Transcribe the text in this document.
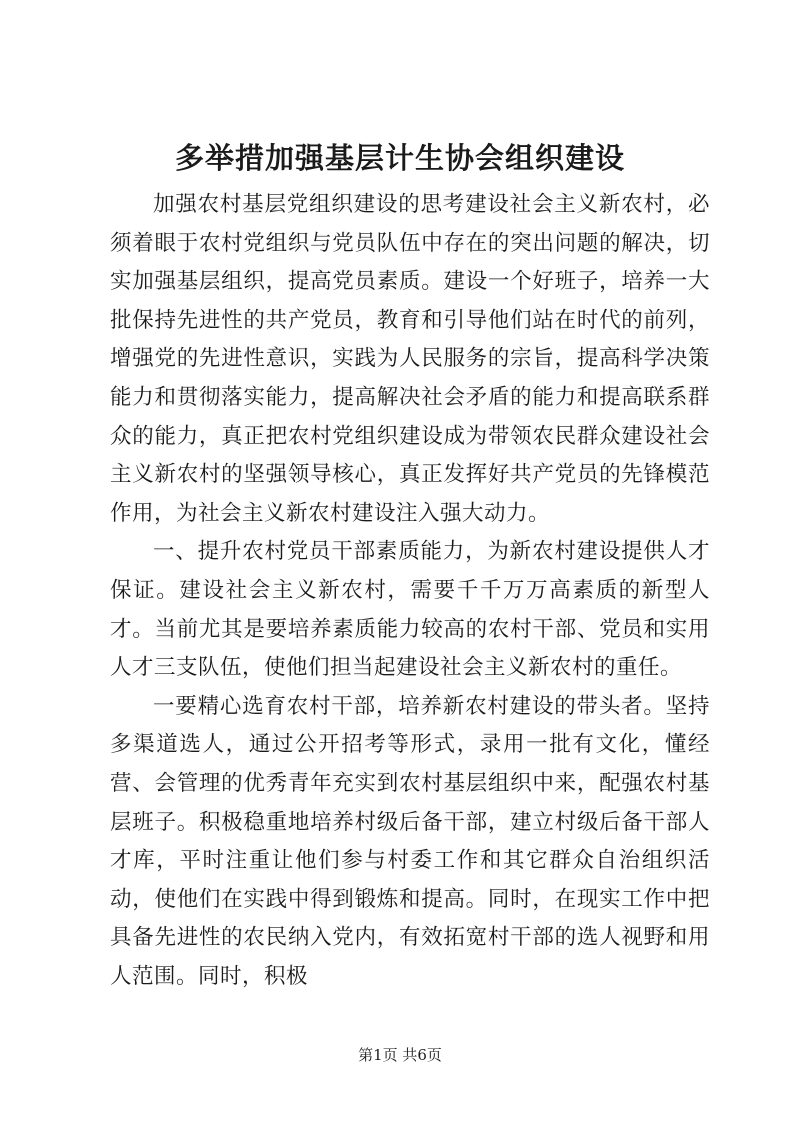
多举措加强基层计生协会组织建设

加强农村基层党组织建设的思考建设社会主义新农村，必须着眼于农村党组织与党员队伍中存在的突出问题的解决，切实加强基层组织，提高党员素质。建设一个好班子，培养一大批保持先进性的共产党员，教育和引导他们站在时代的前列，增强党的先进性意识，实践为人民服务的宗旨，提高科学决策能力和贯彻落实能力，提高解决社会矛盾的能力和提高联系群众的能力，真正把农村党组织建设成为带领农民群众建设社会主义新农村的坚强领导核心，真正发挥好共产党员的先锋模范作用，为社会主义新农村建设注入强大动力。

一、提升农村党员干部素质能力，为新农村建设提供人才保证。建设社会主义新农村，需要千千万万高素质的新型人才。当前尤其是要培养素质能力较高的农村干部、党员和实用人才三支队伍，使他们担当起建设社会主义新农村的重任。

一要精心选育农村干部，培养新农村建设的带头者。坚持多渠道选人，通过公开招考等形式，录用一批有文化，懂经营、会管理的优秀青年充实到农村基层组织中来，配强农村基层班子。积极稳重地培养村级后备干部，建立村级后备干部人才库，平时注重让他们参与村委工作和其它群众自治组织活动，使他们在实践中得到锻炼和提高。同时，在现实工作中把具备先进性的农民纳入党内，有效拓宽村干部的选人视野和用人范围。同时，积极

第1页 共6页
